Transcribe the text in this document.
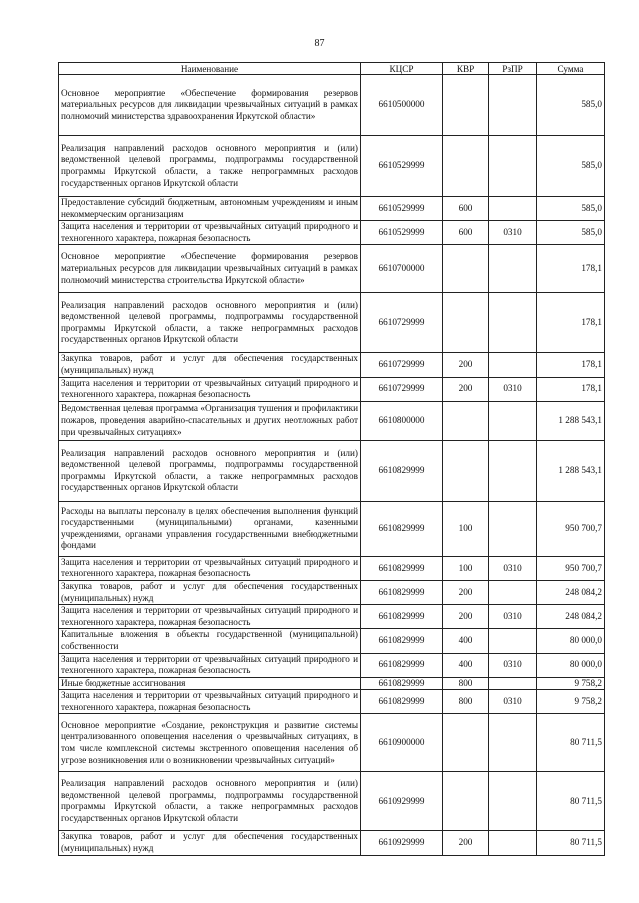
87
Наименование	КЦСР	КВР	РзПР	Сумма
Основное мероприятие «Обеспечение формирования резервов материальных ресурсов для ликвидации чрезвычайных ситуаций в рамках полномочий министерства здравоохранения Иркутской области»	6610500000			585,0
Реализация направлений расходов основного мероприятия и (или) ведомственной целевой программы, подпрограммы государственной программы Иркутской области, а также непрограммных расходов государственных органов Иркутской области	6610529999			585,0
Предоставление субсидий бюджетным, автономным учреждениям и иным некоммерческим организациям	6610529999	600		585,0
Защита населения и территории от чрезвычайных ситуаций природного и техногенного характера, пожарная безопасность	6610529999	600	0310	585,0
Основное мероприятие «Обеспечение формирования резервов материальных ресурсов для ликвидации чрезвычайных ситуаций в рамках полномочий министерства строительства Иркутской области»	6610700000			178,1
Реализация направлений расходов основного мероприятия и (или) ведомственной целевой программы, подпрограммы государственной программы Иркутской области, а также непрограммных расходов государственных органов Иркутской области	6610729999			178,1
Закупка товаров, работ и услуг для обеспечения государственных (муниципальных) нужд	6610729999	200		178,1
Защита населения и территории от чрезвычайных ситуаций природного и техногенного характера, пожарная безопасность	6610729999	200	0310	178,1
Ведомственная целевая программа «Организация тушения и профилактики пожаров, проведения аварийно-спасательных и других неотложных работ при чрезвычайных ситуациях»	6610800000			1 288 543,1
Реализация направлений расходов основного мероприятия и (или) ведомственной целевой программы, подпрограммы государственной программы Иркутской области, а также непрограммных расходов государственных органов Иркутской области	6610829999			1 288 543,1
Расходы на выплаты персоналу в целях обеспечения выполнения функций государственными (муниципальными) органами, казенными учреждениями, органами управления государственными внебюджетными фондами	6610829999	100		950 700,7
Защита населения и территории от чрезвычайных ситуаций природного и техногенного характера, пожарная безопасность	6610829999	100	0310	950 700,7
Закупка товаров, работ и услуг для обеспечения государственных (муниципальных) нужд	6610829999	200		248 084,2
Защита населения и территории от чрезвычайных ситуаций природного и техногенного характера, пожарная безопасность	6610829999	200	0310	248 084,2
Капитальные вложения в объекты государственной (муниципальной) собственности	6610829999	400		80 000,0
Защита населения и территории от чрезвычайных ситуаций природного и техногенного характера, пожарная безопасность	6610829999	400	0310	80 000,0
Иные бюджетные ассигнования	6610829999	800		9 758,2
Защита населения и территории от чрезвычайных ситуаций природного и техногенного характера, пожарная безопасность	6610829999	800	0310	9 758,2
Основное мероприятие «Создание, реконструкция и развитие системы централизованного оповещения населения о чрезвычайных ситуациях, в том числе комплексной системы экстренного оповещения населения об угрозе возникновения или о возникновении чрезвычайных ситуаций»	6610900000			80 711,5
Реализация направлений расходов основного мероприятия и (или) ведомственной целевой программы, подпрограммы государственной программы Иркутской области, а также непрограммных расходов государственных органов Иркутской области	6610929999			80 711,5
Закупка товаров, работ и услуг для обеспечения государственных (муниципальных) нужд	6610929999	200		80 711,5
